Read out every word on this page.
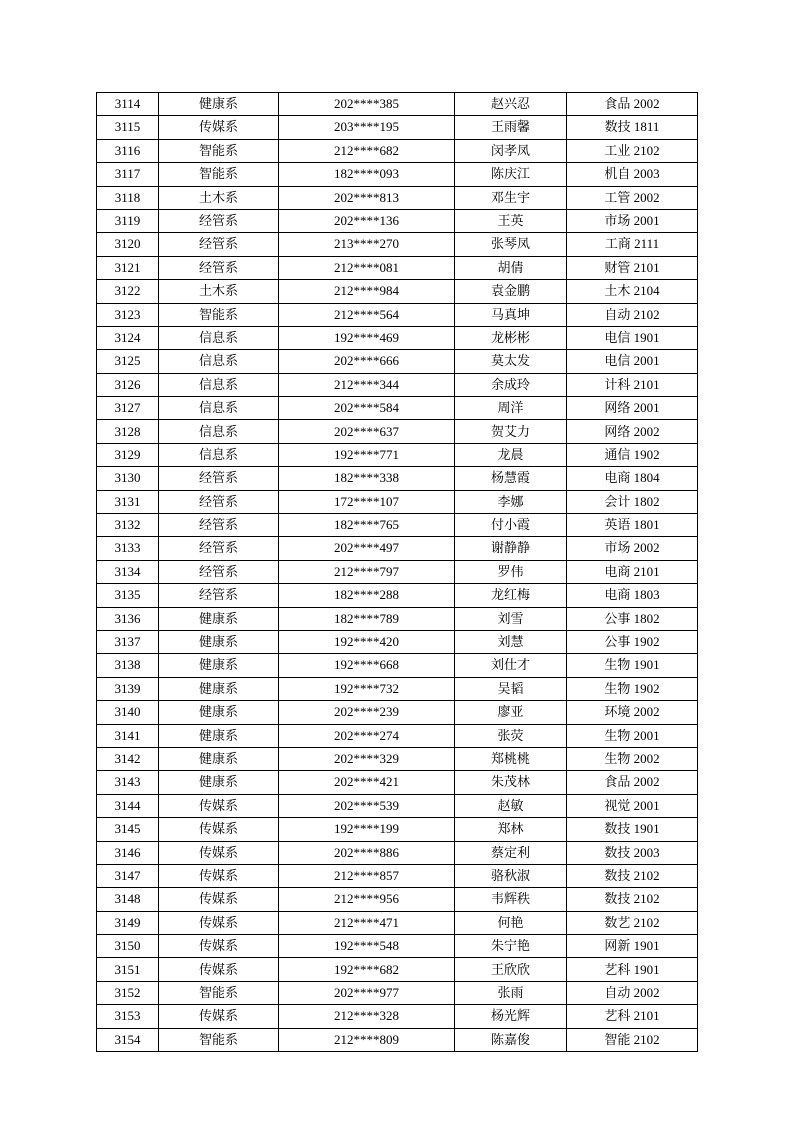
3114	健康系	202****385	赵兴忍	食品 2002
3115	传媒系	203****195	王雨馨	数技 1811
3116	智能系	212****682	闵孝凤	工业 2102
3117	智能系	182****093	陈庆江	机自 2003
3118	土木系	202****813	邓生宇	工管 2002
3119	经管系	202****136	王英	市场 2001
3120	经管系	213****270	张琴凤	工商 2111
3121	经管系	212****081	胡倩	财管 2101
3122	土木系	212****984	袁金鹏	土木 2104
3123	智能系	212****564	马真坤	自动 2102
3124	信息系	192****469	龙彬彬	电信 1901
3125	信息系	202****666	莫太发	电信 2001
3126	信息系	212****344	余成玲	计科 2101
3127	信息系	202****584	周洋	网络 2001
3128	信息系	202****637	贺艾力	网络 2002
3129	信息系	192****771	龙晨	通信 1902
3130	经管系	182****338	杨慧霞	电商 1804
3131	经管系	172****107	李娜	会计 1802
3132	经管系	182****765	付小霞	英语 1801
3133	经管系	202****497	谢静静	市场 2002
3134	经管系	212****797	罗伟	电商 2101
3135	经管系	182****288	龙红梅	电商 1803
3136	健康系	182****789	刘雪	公事 1802
3137	健康系	192****420	刘慧	公事 1902
3138	健康系	192****668	刘仕才	生物 1901
3139	健康系	192****732	吴韬	生物 1902
3140	健康系	202****239	廖亚	环境 2002
3141	健康系	202****274	张荧	生物 2001
3142	健康系	202****329	郑桃桃	生物 2002
3143	健康系	202****421	朱茂林	食品 2002
3144	传媒系	202****539	赵敏	视觉 2001
3145	传媒系	192****199	郑林	数技 1901
3146	传媒系	202****886	蔡定利	数技 2003
3147	传媒系	212****857	骆秋淑	数技 2102
3148	传媒系	212****956	韦辉秩	数技 2102
3149	传媒系	212****471	何艳	数艺 2102
3150	传媒系	192****548	朱宁艳	网新 1901
3151	传媒系	192****682	王欣欣	艺科 1901
3152	智能系	202****977	张雨	自动 2002
3153	传媒系	212****328	杨光辉	艺科 2101
3154	智能系	212****809	陈嘉俊	智能 2102
